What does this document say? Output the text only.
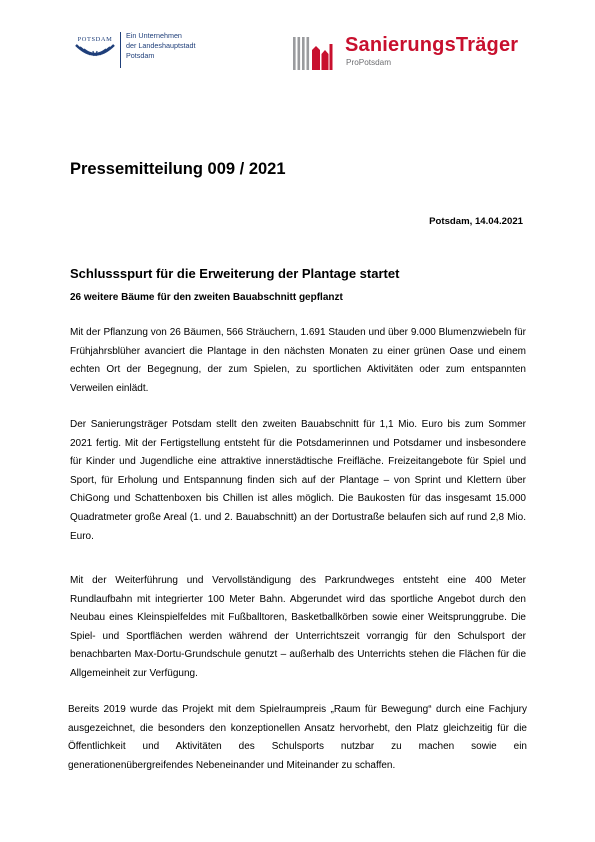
POTSDAM Ein Unternehmen
der Landeshauptstadt
Potsdam	SanierungsTräger
ProPotsdam
Pressemitteilung 009 / 2021
Potsdam, 14.04.2021
Schlussspurt für die Erweiterung der Plantage startet
26 weitere Bäume für den zweiten Bauabschnitt gepflanzt
Mit der Pflanzung von 26 Bäumen, 566 Sträuchern, 1.691 Stauden und über 9.000 Blumenzwiebeln für Frühjahrsblüher avanciert die Plantage in den nächsten Monaten zu einer grünen Oase und einem echten Ort der Begegnung, der zum Spielen, zu sportlichen Aktivitäten oder zum entspannten Verweilen einlädt.
Der Sanierungsträger Potsdam stellt den zweiten Bauabschnitt für 1,1 Mio. Euro bis zum Sommer 2021 fertig. Mit der Fertigstellung entsteht für die Potsdamerinnen und Potsdamer und insbesondere für Kinder und Jugendliche eine attraktive innerstädtische Freifläche. Freizeitangebote für Spiel und Sport, für Erholung und Entspannung finden sich auf der Plantage – von Sprint und Klettern über ChiGong und Schattenboxen bis Chillen ist alles möglich. Die Baukosten für das insgesamt 15.000 Quadratmeter große Areal (1. und 2. Bauabschnitt) an der Dortustraße belaufen sich auf rund 2,8 Mio. Euro.
Mit der Weiterführung und Vervollständigung des Parkrundweges entsteht eine 400 Meter Rundlaufbahn mit integrierter 100 Meter Bahn. Abgerundet wird das sportliche Angebot durch den Neubau eines Kleinspielfeldes mit Fußballtoren, Basketballkörben sowie einer Weitsprunggrube. Die Spiel- und Sportflächen werden während der Unterrichtszeit vorrangig für den Schulsport der benachbarten Max-Dortu-Grundschule genutzt – außerhalb des Unterrichts stehen die Flächen für die Allgemeinheit zur Verfügung.
Bereits 2019 wurde das Projekt mit dem Spielraumpreis „Raum für Bewegung“ durch eine Fachjury ausgezeichnet, die besonders den konzeptionellen Ansatz hervorhebt, den Platz gleichzeitig für die Öffentlichkeit und Aktivitäten des Schulsports nutzbar zu machen sowie ein generationenübergreifendes Nebeneinander und Miteinander zu schaffen.
